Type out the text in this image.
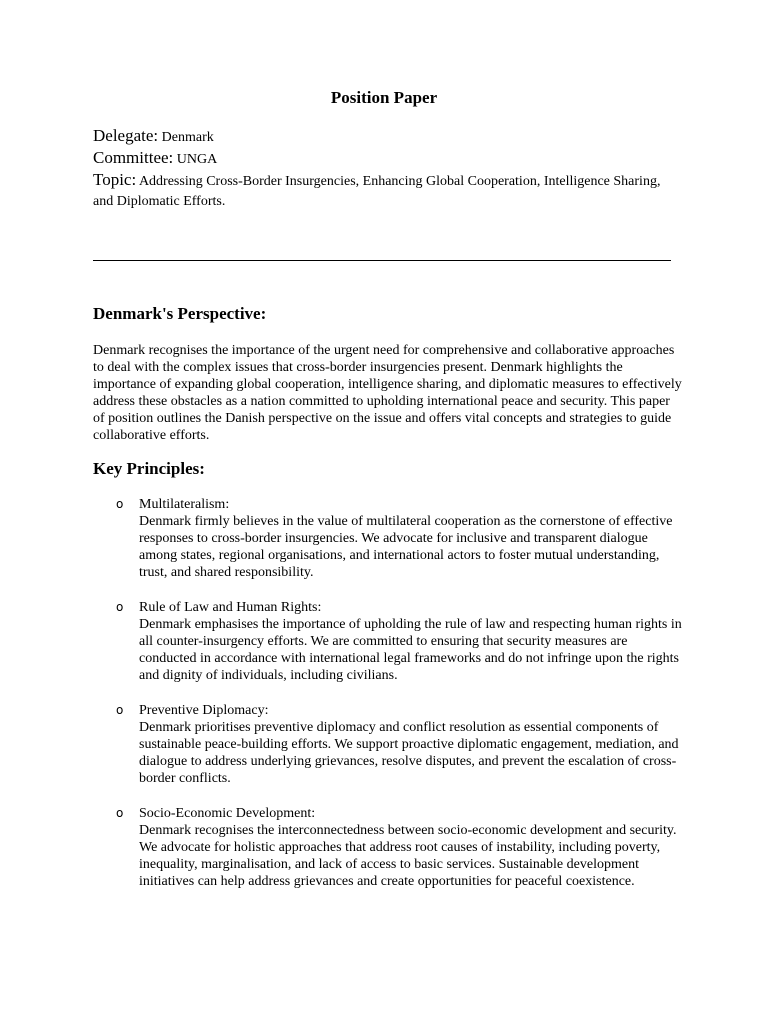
Position Paper
Delegate: Denmark
Committee: UNGA
Topic: Addressing Cross-Border Insurgencies, Enhancing Global Cooperation, Intelligence Sharing, and Diplomatic Efforts.
Denmark's Perspective:
Denmark recognises the importance of the urgent need for comprehensive and collaborative approaches to deal with the complex issues that cross-border insurgencies present. Denmark highlights the importance of expanding global cooperation, intelligence sharing, and diplomatic measures to effectively address these obstacles as a nation committed to upholding international peace and security. This paper of position outlines the Danish perspective on the issue and offers vital concepts and strategies to guide collaborative efforts.
Key Principles:
o Multilateralism:
Denmark firmly believes in the value of multilateral cooperation as the cornerstone of effective responses to cross-border insurgencies. We advocate for inclusive and transparent dialogue among states, regional organisations, and international actors to foster mutual understanding, trust, and shared responsibility.
o Rule of Law and Human Rights:
Denmark emphasises the importance of upholding the rule of law and respecting human rights in all counter-insurgency efforts. We are committed to ensuring that security measures are conducted in accordance with international legal frameworks and do not infringe upon the rights and dignity of individuals, including civilians.
o Preventive Diplomacy:
Denmark prioritises preventive diplomacy and conflict resolution as essential components of sustainable peace-building efforts. We support proactive diplomatic engagement, mediation, and dialogue to address underlying grievances, resolve disputes, and prevent the escalation of cross-border conflicts.
o Socio-Economic Development:
Denmark recognises the interconnectedness between socio-economic development and security. We advocate for holistic approaches that address root causes of instability, including poverty, inequality, marginalisation, and lack of access to basic services. Sustainable development initiatives can help address grievances and create opportunities for peaceful coexistence.
